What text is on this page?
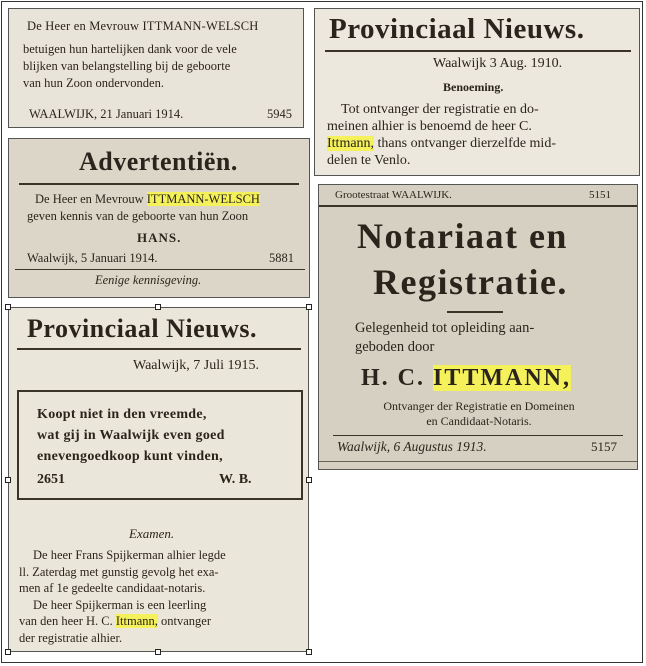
De Heer en Mevrouw ITTMANN-WELSCH

betuigen hun hartelijken dank voor de vele

blijken van belangstelling bij de geboorte

van hun Zoon ondervonden.

WAALWIJK, 21 Januari 1914.	5945
Provinciaal Nieuws.
Waalwijk 3 Aug. 1910.
Benoeming.

Tot ontvanger der registratie en do-

meinen alhier is benoemd de heer C.

Ittmann, thans ontvanger dierzelfde mid-

delen te Venlo.

Advertentiën.

De Heer en Mevrouw ITTMANN-WELSCH

geven kennis van de geboorte van hun Zoon
HANS.
Waalwijk, 5 Januari 1914.	5881
Eenige kennisgeving.
Grootestraat WAALWIJK.	5151
Notariaat en
Registratie.

Gelegenheid tot opleiding aan-

geboden door

H. C. ITTMANN,

Ontvanger der Registratie en Domeinen

en Candidaat-Notaris.

Waalwijk, 6 Augustus 1913.	5157
Provinciaal Nieuws.
Waalwijk, 7 Juli 1915.

Koopt niet in den vreemde,

wat gij in Waalwijk even goed

enevengoedkoop kunt vinden,

2651	W. B.
Examen.

De heer Frans Spijkerman alhier legde

ll. Zaterdag met gunstig gevolg het exa-

men af 1e gedeelte candidaat-notaris.

De heer Spijkerman is een leerling

van den heer H. C. Ittmann, ontvanger

der registratie alhier.
